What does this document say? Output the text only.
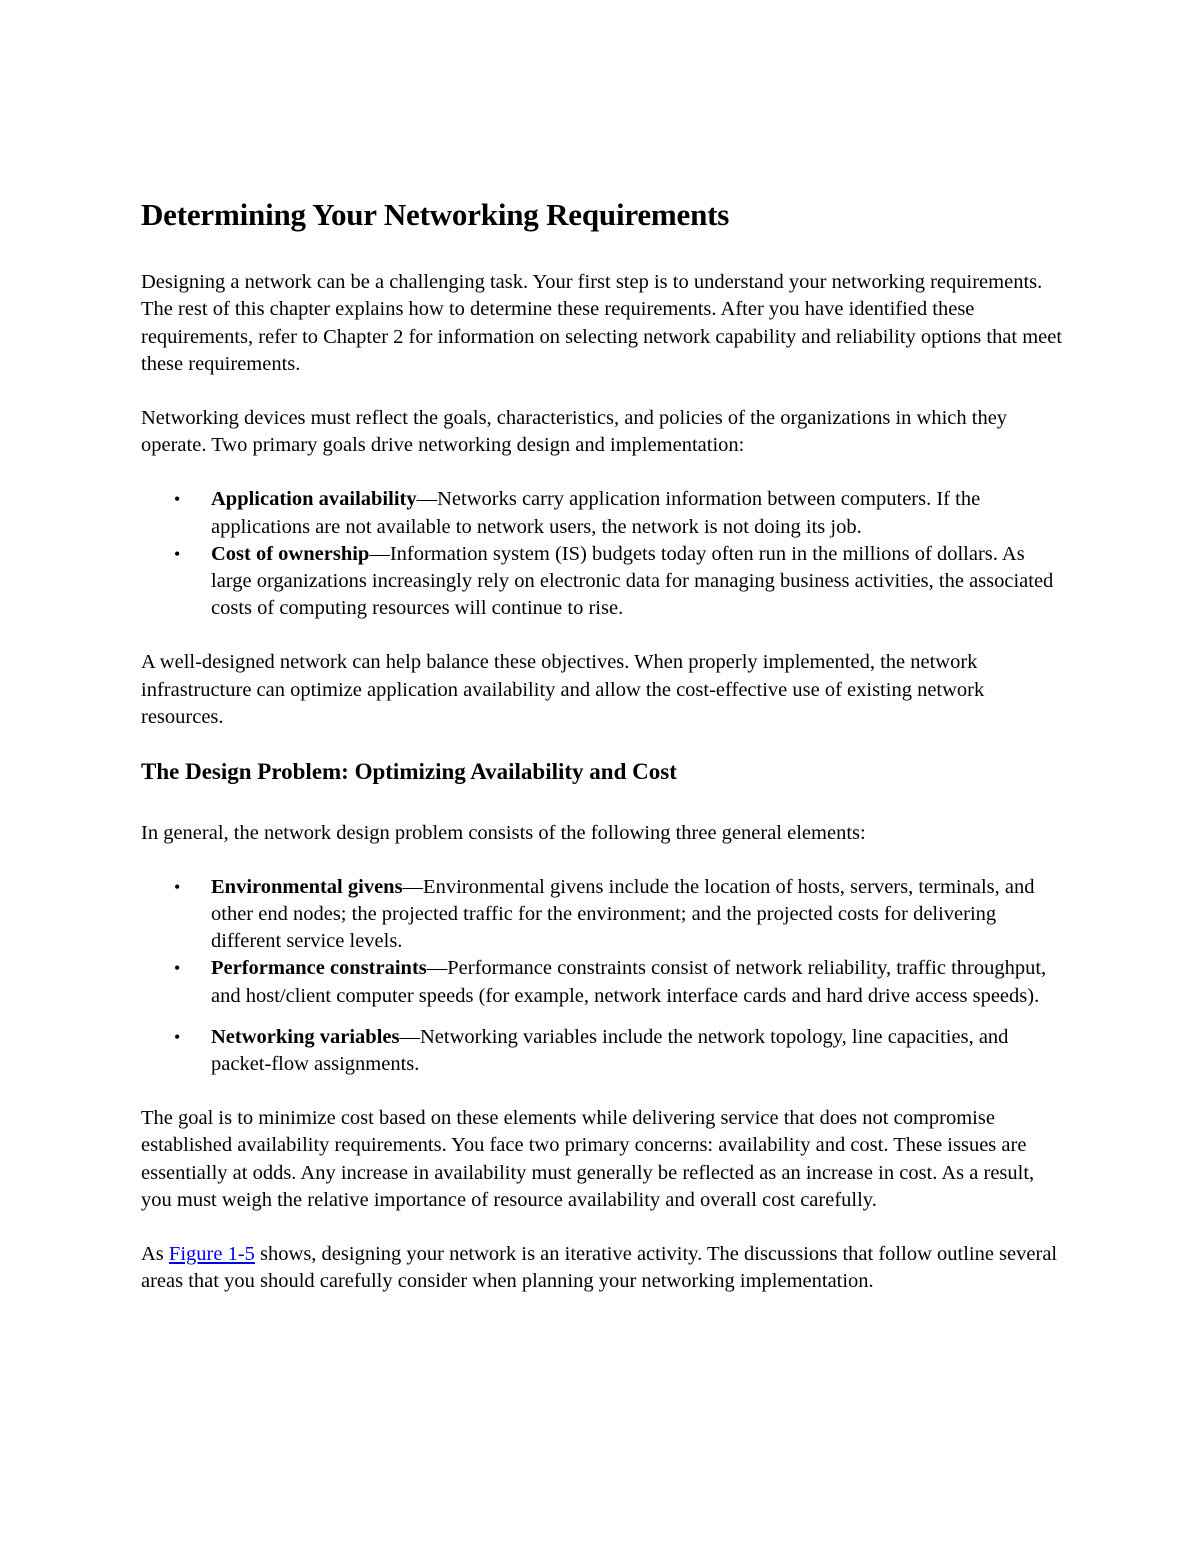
Determining Your Networking Requirements

Designing a network can be a challenging task. Your first step is to understand your networking requirements. The rest of this chapter explains how to determine these requirements. After you have identified these requirements, refer to Chapter 2 for information on selecting network capability and reliability options that meet these requirements.

Networking devices must reflect the goals, characteristics, and policies of the organizations in which they operate. Two primary goals drive networking design and implementation:

• Application availability—Networks carry application information between computers. If the applications are not available to network users, the network is not doing its job.
• Cost of ownership—Information system (IS) budgets today often run in the millions of dollars. As large organizations increasingly rely on electronic data for managing business activities, the associated costs of computing resources will continue to rise.

A well-designed network can help balance these objectives. When properly implemented, the network infrastructure can optimize application availability and allow the cost-effective use of existing network resources.

The Design Problem: Optimizing Availability and Cost

In general, the network design problem consists of the following three general elements:

• Environmental givens—Environmental givens include the location of hosts, servers, terminals, and other end nodes; the projected traffic for the environment; and the projected costs for delivering different service levels.
• Performance constraints—Performance constraints consist of network reliability, traffic throughput, and host/client computer speeds (for example, network interface cards and hard drive access speeds).
• Networking variables—Networking variables include the network topology, line capacities, and packet-flow assignments.

The goal is to minimize cost based on these elements while delivering service that does not compromise established availability requirements. You face two primary concerns: availability and cost. These issues are essentially at odds. Any increase in availability must generally be reflected as an increase in cost. As a result, you must weigh the relative importance of resource availability and overall cost carefully.

As Figure 1-5 shows, designing your network is an iterative activity. The discussions that follow outline several areas that you should carefully consider when planning your networking implementation.
